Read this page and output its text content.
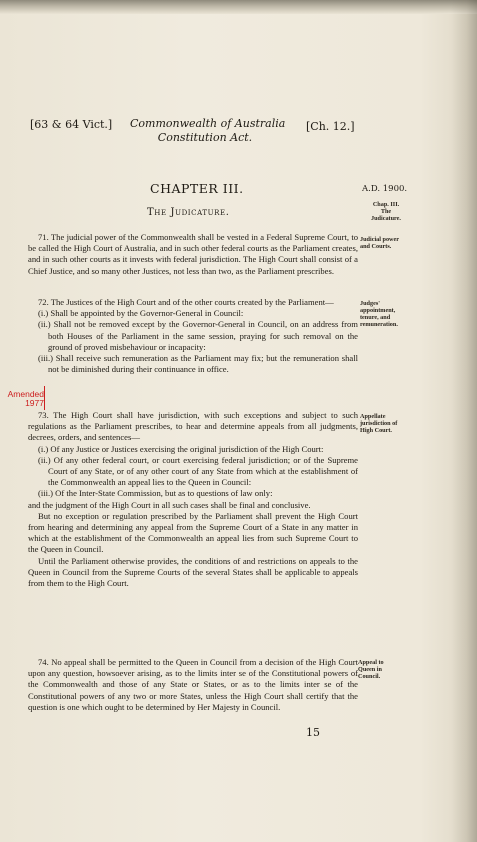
[63 & 64 Vict.] Commonwealth of Australia
Constitution Act.
[Ch. 12.]
CHAPTER III.	A.D. 1900.
The Judicature.
Chap. III.
The
Judicature.

71. The judicial power of the Commonwealth shall be vested in a Federal Supreme Court, to be called the High Court of Australia, and in such other federal courts as the Parliament creates, and in such other courts as it invests with federal jurisdiction. The High Court shall consist of a Chief Justice, and so many other Justices, not less than two, as the Parliament prescribes.

Judicial power
and Courts.

72. The Justices of the High Court and of the other courts created by the Parliament—

(i.) Shall be appointed by the Governor-General in Council:

(ii.) Shall not be removed except by the Governor-General in Council, on an address from both Houses of the Parliament in the same session, praying for such removal on the ground of proved misbehaviour or incapacity:

(iii.) Shall receive such remuneration as the Parliament may fix; but the remuneration shall not be diminished during their continuance in office.

Judges'
appointment,
tenure, and
remuneration.
Amended
1977

73. The High Court shall have jurisdiction, with such exceptions and subject to such regulations as the Parliament prescribes, to hear and determine appeals from all judgments, decrees, orders, and sentences—

(i.) Of any Justice or Justices exercising the original jurisdiction of the High Court:

(ii.) Of any other federal court, or court exercising federal jurisdiction; or of the Supreme Court of any State, or of any other court of any State from which at the establishment of the Commonwealth an appeal lies to the Queen in Council:

(iii.) Of the Inter-State Commission, but as to questions of law only:

and the judgment of the High Court in all such cases shall be final and conclusive.

But no exception or regulation prescribed by the Parliament shall prevent the High Court from hearing and determining any appeal from the Supreme Court of a State in any matter in which at the establishment of the Commonwealth an appeal lies from such Supreme Court to the Queen in Council.

Until the Parliament otherwise provides, the conditions of and restrictions on appeals to the Queen in Council from the Supreme Courts of the several States shall be applicable to appeals from them to the High Court.

Appellate
jurisdiction of
High Court.

74. No appeal shall be permitted to the Queen in Council from a decision of the High Court upon any question, howsoever arising, as to the limits inter se of the Constitutional powers of the Commonwealth and those of any State or States, or as to the limits inter se of the Constitutional powers of any two or more States, unless the High Court shall certify that the question is one which ought to be determined by Her Majesty in Council.

Appeal to
Queen in
Council.
15
